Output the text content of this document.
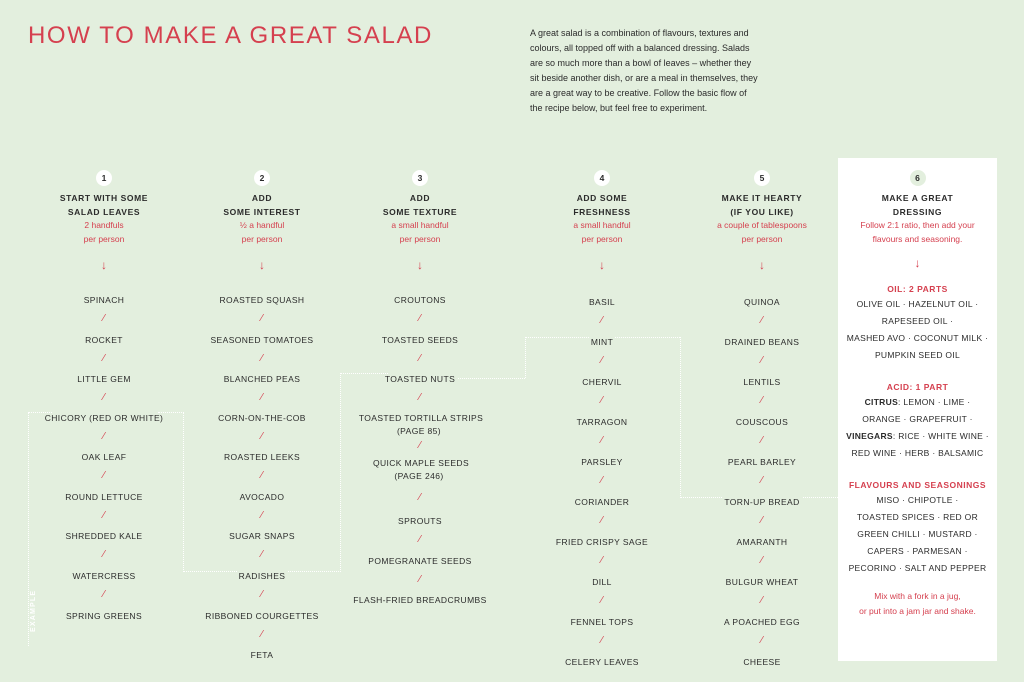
HOW TO MAKE A GREAT SALAD	A great salad is a combination of flavours, textures and colours, all topped off with a balanced dressing. Salads are so much more than a bowl of leaves – whether they sit beside another dish, or are a meal in themselves, they are a great way to be creative. Follow the basic flow of the recipe below, but feel free to experiment.
EXAMPLE
1
START WITH SOME
SALAD LEAVES
2 handfuls
per person
↓
SPINACH
⁄
ROCKET
⁄
LITTLE GEM
⁄
CHICORY (RED OR WHITE)
⁄
OAK LEAF
⁄
ROUND LETTUCE
⁄
SHREDDED KALE
⁄
WATERCRESS
⁄
SPRING GREENS
2
ADD
SOME INTEREST
½ a handful
per person
↓
ROASTED SQUASH
⁄
SEASONED TOMATOES
⁄
BLANCHED PEAS
⁄
CORN-ON-THE-COB
⁄
ROASTED LEEKS
⁄
AVOCADO
⁄
SUGAR SNAPS
⁄
RADISHES
⁄
RIBBONED COURGETTES
⁄
FETA
3
ADD
SOME TEXTURE
a small handful
per person
↓
CROUTONS
⁄
TOASTED SEEDS
⁄
TOASTED NUTS
⁄
TOASTED TORTILLA STRIPS
(PAGE 85)
⁄
QUICK MAPLE SEEDS
(PAGE 246)
⁄
SPROUTS
⁄
POMEGRANATE SEEDS
⁄
FLASH-FRIED BREADCRUMBS
4
ADD SOME
FRESHNESS
a small handful
per person
↓
BASIL
⁄
MINT
⁄
CHERVIL
⁄
TARRAGON
⁄
PARSLEY
⁄
CORIANDER
⁄
FRIED CRISPY SAGE
⁄
DILL
⁄
FENNEL TOPS
⁄
CELERY LEAVES
5
MAKE IT HEARTY
(IF YOU LIKE)
a couple of tablespoons
per person
↓
QUINOA
⁄
DRAINED BEANS
⁄
LENTILS
⁄
COUSCOUS
⁄
PEARL BARLEY
⁄
TORN-UP BREAD
⁄
AMARANTH
⁄
BULGUR WHEAT
⁄
A POACHED EGG
⁄
CHEESE
6
MAKE A GREAT
DRESSING
Follow 2:1 ratio, then add your
flavours and seasoning.
↓
OIL: 2 PARTS
OLIVE OIL · HAZELNUT OIL ·
RAPESEED OIL ·
MASHED AVO · COCONUT MILK ·
PUMPKIN SEED OIL
ACID: 1 PART
CITRUS: LEMON · LIME ·
ORANGE · GRAPEFRUIT ·
VINEGARS: RICE · WHITE WINE ·
RED WINE · HERB · BALSAMIC
FLAVOURS AND SEASONINGS
MISO · CHIPOTLE ·
TOASTED SPICES · RED OR
GREEN CHILLI · MUSTARD ·
CAPERS · PARMESAN ·
PECORINO · SALT AND PEPPER
Mix with a fork in a jug,
or put into a jam jar and shake.
